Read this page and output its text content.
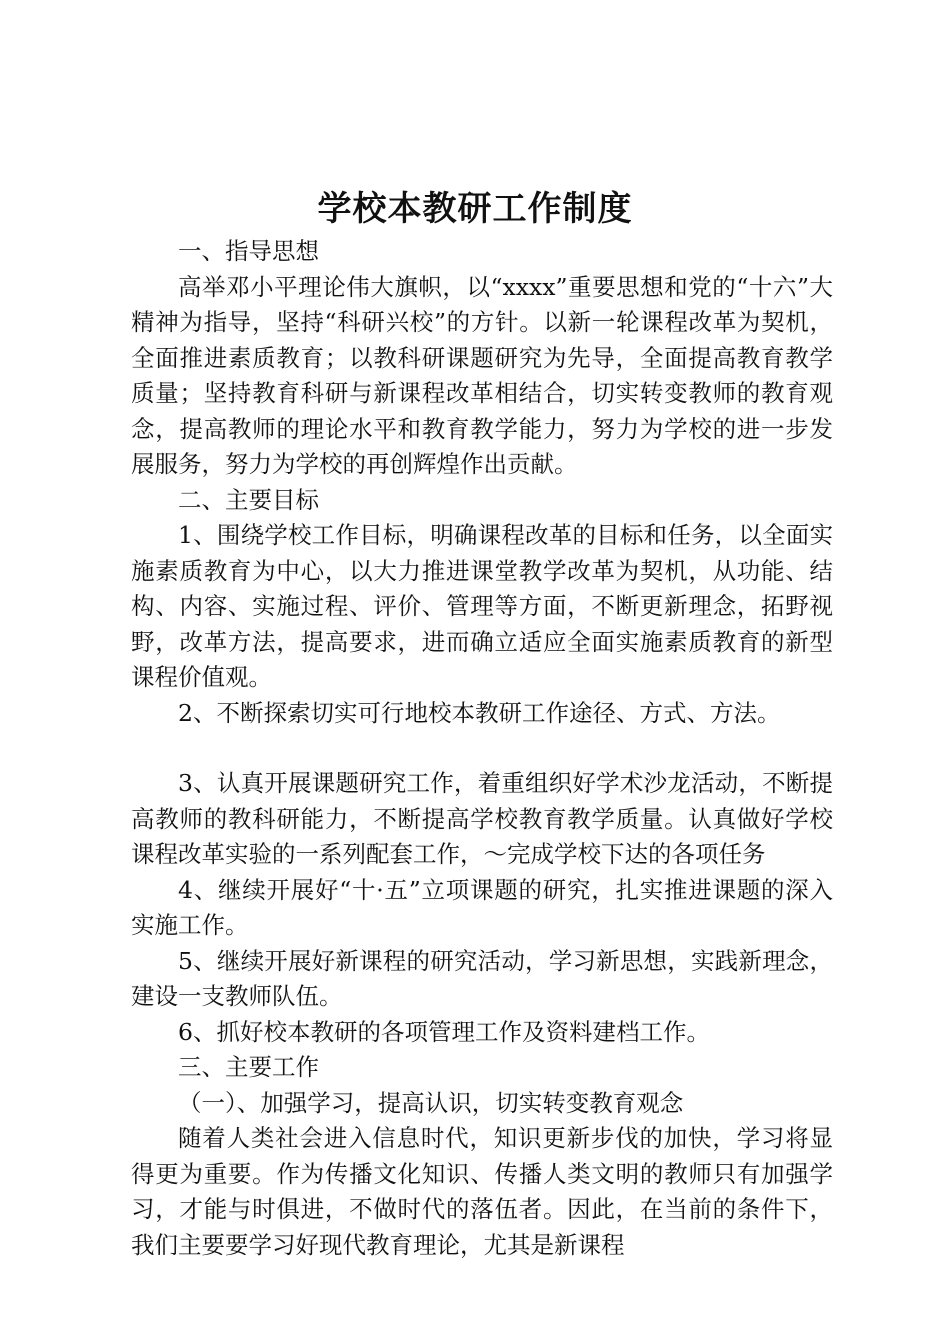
学校本教研工作制度

一、指导思想

高举邓小平理论伟大旗帜，以“xxxx”重要思想和党的“十六”大精神为指导，坚持“科研兴校”的方针。以新一轮课程改革为契机，全面推进素质教育；以教科研课题研究为先导，全面提高教育教学质量；坚持教育科研与新课程改革相结合，切实转变教师的教育观念，提高教师的理论水平和教育教学能力，努力为学校的进一步发展服务，努力为学校的再创辉煌作出贡献。

二、主要目标

1、围绕学校工作目标，明确课程改革的目标和任务，以全面实施素质教育为中心，以大力推进课堂教学改革为契机，从功能、结构、内容、实施过程、评价、管理等方面，不断更新理念，拓野视野，改革方法，提高要求，进而确立适应全面实施素质教育的新型课程价值观。

2、不断探索切实可行地校本教研工作途径、方式、方法。

3、认真开展课题研究工作，着重组织好学术沙龙活动，不断提高教师的教科研能力，不断提高学校教育教学质量。认真做好学校课程改革实验的一系列配套工作，～完成学校下达的各项任务

4、继续开展好“十·五”立项课题的研究，扎实推进课题的深入实施工作。

5、继续开展好新课程的研究活动，学习新思想，实践新理念，建设一支教师队伍。

6、抓好校本教研的各项管理工作及资料建档工作。

三、主要工作

（一）、加强学习，提高认识，切实转变教育观念

随着人类社会进入信息时代，知识更新步伐的加快，学习将显得更为重要。作为传播文化知识、传播人类文明的教师只有加强学习，才能与时俱进，不做时代的落伍者。因此，在当前的条件下，我们主要要学习好现代教育理论，尤其是新课程
